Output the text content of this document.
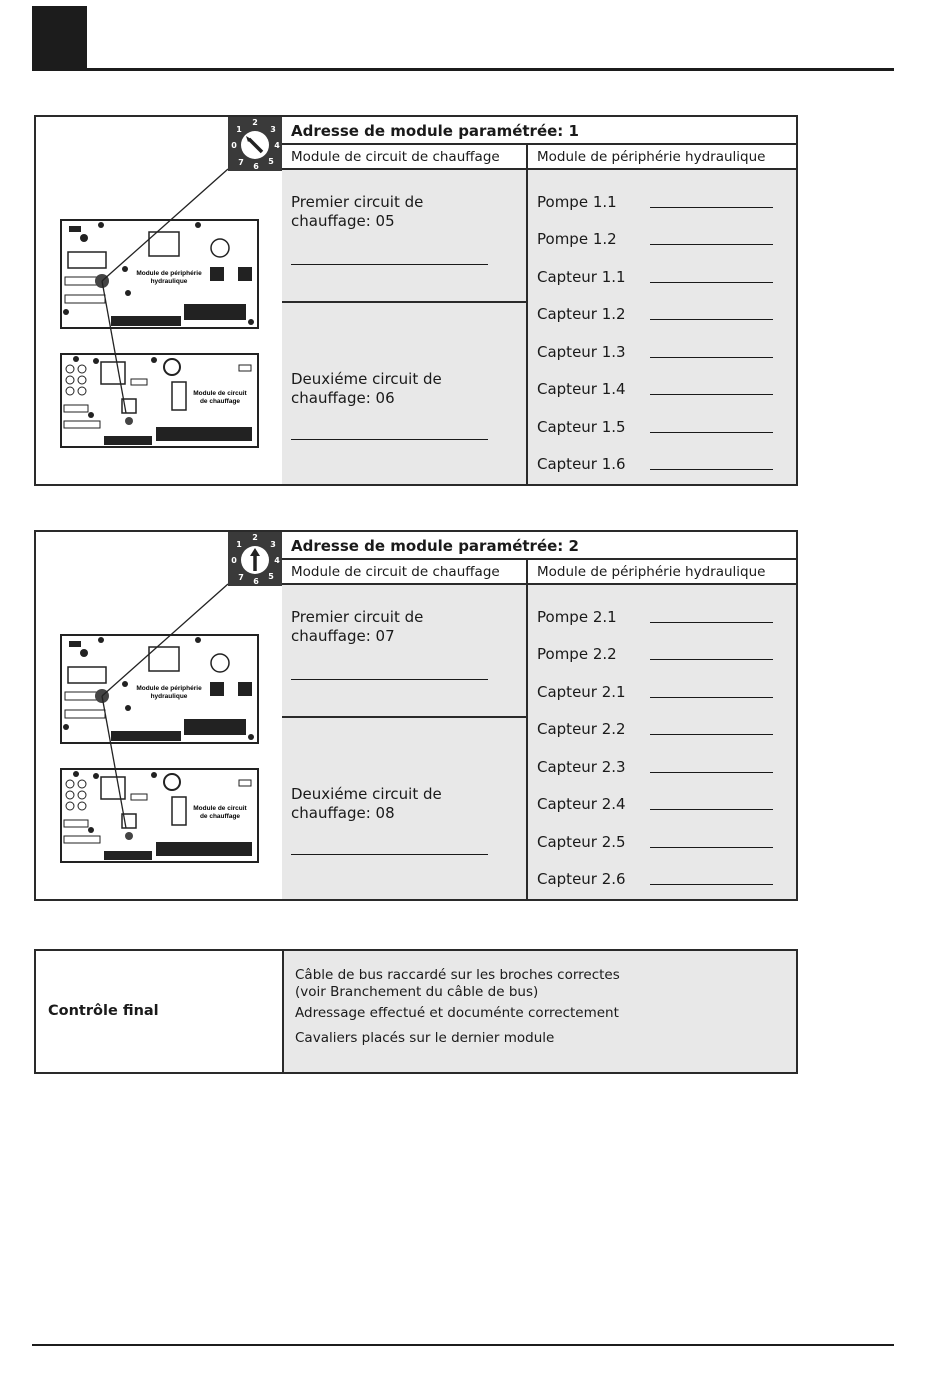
Module de périphérie
hydraulique
Module de circuit
de chauffage
2
3
4
5
6
7
0
1	Adresse de module paramétrée: 1
Module de circuit de chauffage	Module de périphérie hydraulique
Premier circuit de
chauffage: 05
Deuxiéme circuit de
chauffage: 06
Pompe 1.1
Pompe 1.2
Capteur 1.1
Capteur 1.2
Capteur 1.3
Capteur 1.4
Capteur 1.5
Capteur 1.6
Module de périphérie
hydraulique
Module de circuit
de chauffage
2
3
4
5
6
7
0
1	Adresse de module paramétrée: 2
Module de circuit de chauffage	Module de périphérie hydraulique
Premier circuit de
chauffage: 07
Deuxiéme circuit de
chauffage: 08
Pompe 2.1
Pompe 2.2
Capteur 2.1
Capteur 2.2
Capteur 2.3
Capteur 2.4
Capteur 2.5
Capteur 2.6
Contrôle final
Câble de bus raccardé sur les broches correctes
(voir Branchement du câble de bus)
Adressage effectué et documénte correctement
Cavaliers placés sur le dernier module
